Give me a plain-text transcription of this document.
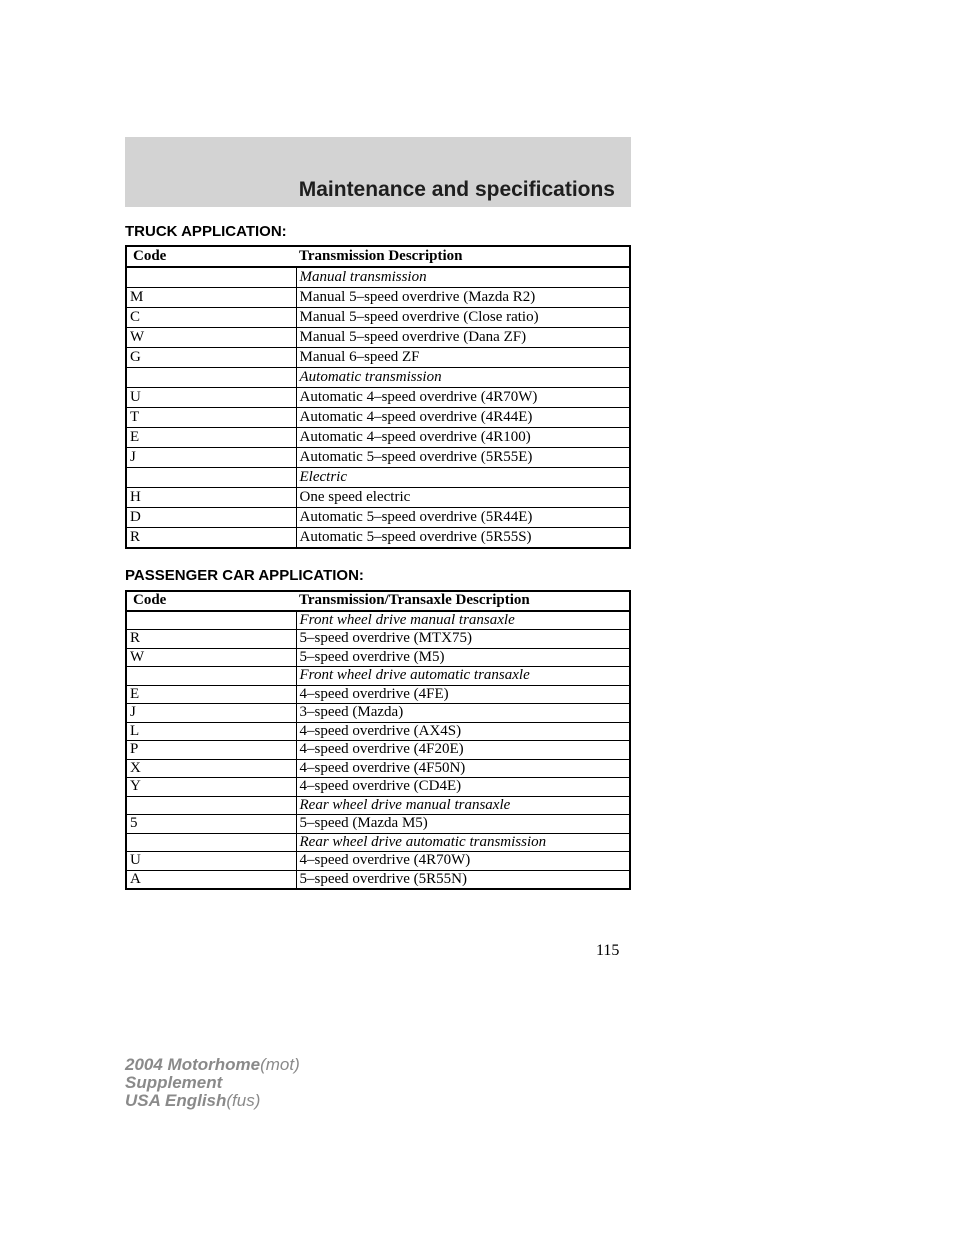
Maintenance and specifications
TRUCK APPLICATION:
Code	Transmission Description
	Manual transmission
M	Manual 5–speed overdrive (Mazda R2)
C	Manual 5–speed overdrive (Close ratio)
W	Manual 5–speed overdrive (Dana ZF)
G	Manual 6–speed ZF
	Automatic transmission
U	Automatic 4–speed overdrive (4R70W)
T	Automatic 4–speed overdrive (4R44E)
E	Automatic 4–speed overdrive (4R100)
J	Automatic 5–speed overdrive (5R55E)
	Electric
H	One speed electric
D	Automatic 5–speed overdrive (5R44E)
R	Automatic 5–speed overdrive (5R55S)
PASSENGER CAR APPLICATION:
Code	Transmission/Transaxle Description
	Front wheel drive manual transaxle
R	5–speed overdrive (MTX75)
W	5–speed overdrive (M5)
	Front wheel drive automatic transaxle
E	4–speed overdrive (4FE)
J	3–speed (Mazda)
L	4–speed overdrive (AX4S)
P	4–speed overdrive (4F20E)
X	4–speed overdrive (4F50N)
Y	4–speed overdrive (CD4E)
	Rear wheel drive manual transaxle
5	5–speed (Mazda M5)
	Rear wheel drive automatic transmission
U	4–speed overdrive (4R70W)
A	5–speed overdrive (5R55N)
115
2004 Motorhome(mot)
Supplement
USA English(fus)
